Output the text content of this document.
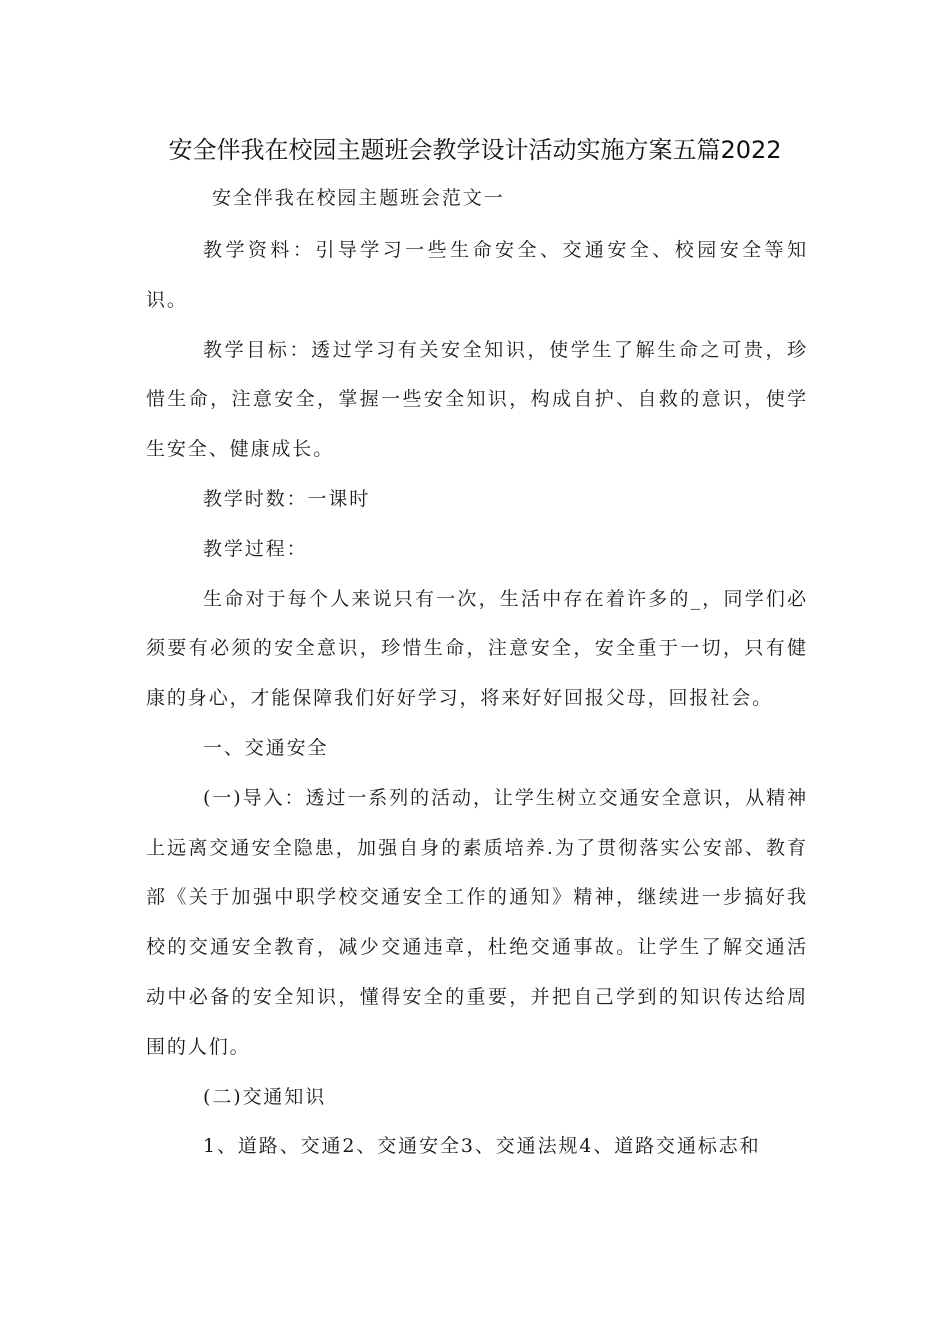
安全伴我在校园主题班会教学设计活动实施方案五篇2022
安全伴我在校园主题班会范文一

教学资料：引导学习一些生命安全、交通安全、校园安全等知识。

教学目标：透过学习有关安全知识，使学生了解生命之可贵，珍惜生命，注意安全，掌握一些安全知识，构成自护、自救的意识，使学生安全、健康成长。

教学时数：一课时

教学过程：

生命对于每个人来说只有一次，生活中存在着许多的_，同学们必须要有必须的安全意识，珍惜生命，注意安全，安全重于一切，只有健康的身心，才能保障我们好好学习，将来好好回报父母，回报社会。

一、交通安全

(一)导入：透过一系列的活动，让学生树立交通安全意识，从精神上远离交通安全隐患，加强自身的素质培养.为了贯彻落实公安部、教育部《关于加强中职学校交通安全工作的通知》精神，继续进一步搞好我校的交通安全教育，减少交通违章，杜绝交通事故。让学生了解交通活动中必备的安全知识，懂得安全的重要，并把自己学到的知识传达给周围的人们。

(二)交通知识

1、道路、交通2、交通安全3、交通法规4、道路交通标志和
